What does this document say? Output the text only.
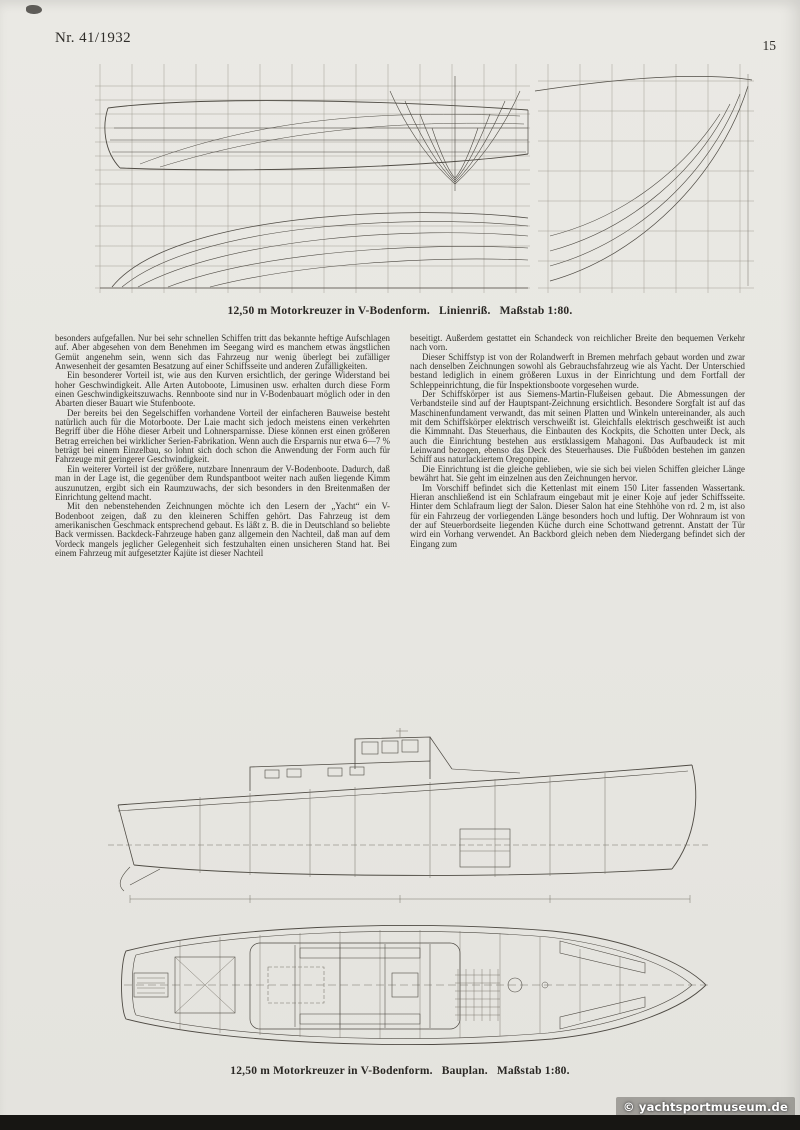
Nr. 41/1932	15
12,50 m Motorkreuzer in V-Bodenform.  Linienriß.  Maßstab 1:80.

besonders aufgefallen. Nur bei sehr schnellen Schiffen tritt das bekannte heftige Aufschlagen auf. Aber abgesehen von dem Benehmen im Seegang wird es manchem etwas ängstlichen Gemüt angenehm sein, wenn sich das Fahrzeug nur wenig überlegt bei zufälliger Anwesenheit der gesamten Besatzung auf einer Schiffsseite und anderen Zufälligkeiten.

Ein besonderer Vorteil ist, wie aus den Kurven ersichtlich, der geringe Widerstand bei hoher Geschwindigkeit. Alle Arten Autoboote, Limusinen usw. erhalten durch diese Form einen Geschwindigkeitszuwachs. Rennboote sind nur in V-Bodenbauart möglich oder in den Abarten dieser Bauart wie Stufenboote.

Der bereits bei den Segelschiffen vorhandene Vorteil der einfacheren Bauweise besteht natürlich auch für die Motorboote. Der Laie macht sich jedoch meistens einen verkehrten Begriff über die Höhe dieser Arbeit und Lohnersparnisse. Diese können erst einen größeren Betrag erreichen bei wirklicher Serien-Fabrikation. Wenn auch die Ersparnis nur etwa 6—7 % beträgt bei einem Einzelbau, so lohnt sich doch schon die Anwendung der Form auch für Fahrzeuge mit geringerer Geschwindigkeit.

Ein weiterer Vorteil ist der größere, nutzbare Innenraum der V-Bodenboote. Dadurch, daß man in der Lage ist, die gegenüber dem Rundspantboot weiter nach außen liegende Kimm auszunutzen, ergibt sich ein Raumzuwachs, der sich besonders in den Breitenmaßen der Einrichtung geltend macht.

Mit den nebenstehenden Zeichnungen möchte ich den Lesern der „Yacht“ ein V-Bodenboot zeigen, daß zu den kleineren Schiffen gehört. Das Fahrzeug ist dem amerikanischen Geschmack entsprechend gebaut. Es läßt z. B. die in Deutschland so beliebte Back vermissen. Backdeck-Fahrzeuge haben ganz allgemein den Nachteil, daß man auf dem Vordeck mangels jeglicher Gelegenheit sich festzuhalten einen unsicheren Stand hat. Bei einem Fahrzeug mit aufgesetzter Kajüte ist dieser Nachteil

beseitigt. Außerdem gestattet ein Schandeck von reichlicher Breite den bequemen Verkehr nach vorn.

Dieser Schiffstyp ist von der Rolandwerft in Bremen mehrfach gebaut worden und zwar nach denselben Zeichnungen sowohl als Gebrauchsfahrzeug wie als Yacht. Der Unterschied bestand lediglich in einem größeren Luxus in der Einrichtung und dem Fortfall der Schleppeinrichtung, die für Inspektionsboote vorgesehen wurde.

Der Schiffskörper ist aus Siemens-Martin-Flußeisen gebaut. Die Abmessungen der Verbandsteile sind auf der Hauptspant-Zeichnung ersichtlich. Besondere Sorgfalt ist auf das Maschinenfundament verwandt, das mit seinen Platten und Winkeln untereinander, als auch mit dem Schiffskörper elektrisch verschweißt ist. Gleichfalls elektrisch geschweißt ist auch die Kimmnaht. Das Steuerhaus, die Einbauten des Kockpits, die Schotten unter Deck, als auch die Einrichtung bestehen aus erstklassigem Mahagoni. Das Aufbaudeck ist mit Leinwand bezogen, ebenso das Deck des Steuerhauses. Die Fußböden bestehen im ganzen Schiff aus naturlackiertem Oregonpine.

Die Einrichtung ist die gleiche geblieben, wie sie sich bei vielen Schiffen gleicher Länge bewährt hat. Sie geht im einzelnen aus den Zeichnungen hervor.

Im Vorschiff befindet sich die Kettenlast mit einem 150 Liter fassenden Wassertank. Hieran anschließend ist ein Schlafraum eingebaut mit je einer Koje auf jeder Schiffsseite. Hinter dem Schlafraum liegt der Salon. Dieser Salon hat eine Stehhöhe von rd. 2 m, ist also für ein Fahrzeug der vorliegenden Länge besonders hoch und luftig. Der Wohnraum ist von der auf Steuerbordseite liegenden Küche durch eine Schottwand getrennt. Anstatt der Tür wird ein Vorhang verwendet. An Backbord gleich neben dem Niedergang befindet sich der Eingang zum

12,50 m Motorkreuzer in V-Bodenform.  Bauplan.  Maßstab 1:80.
© yachtsportmuseum.de
